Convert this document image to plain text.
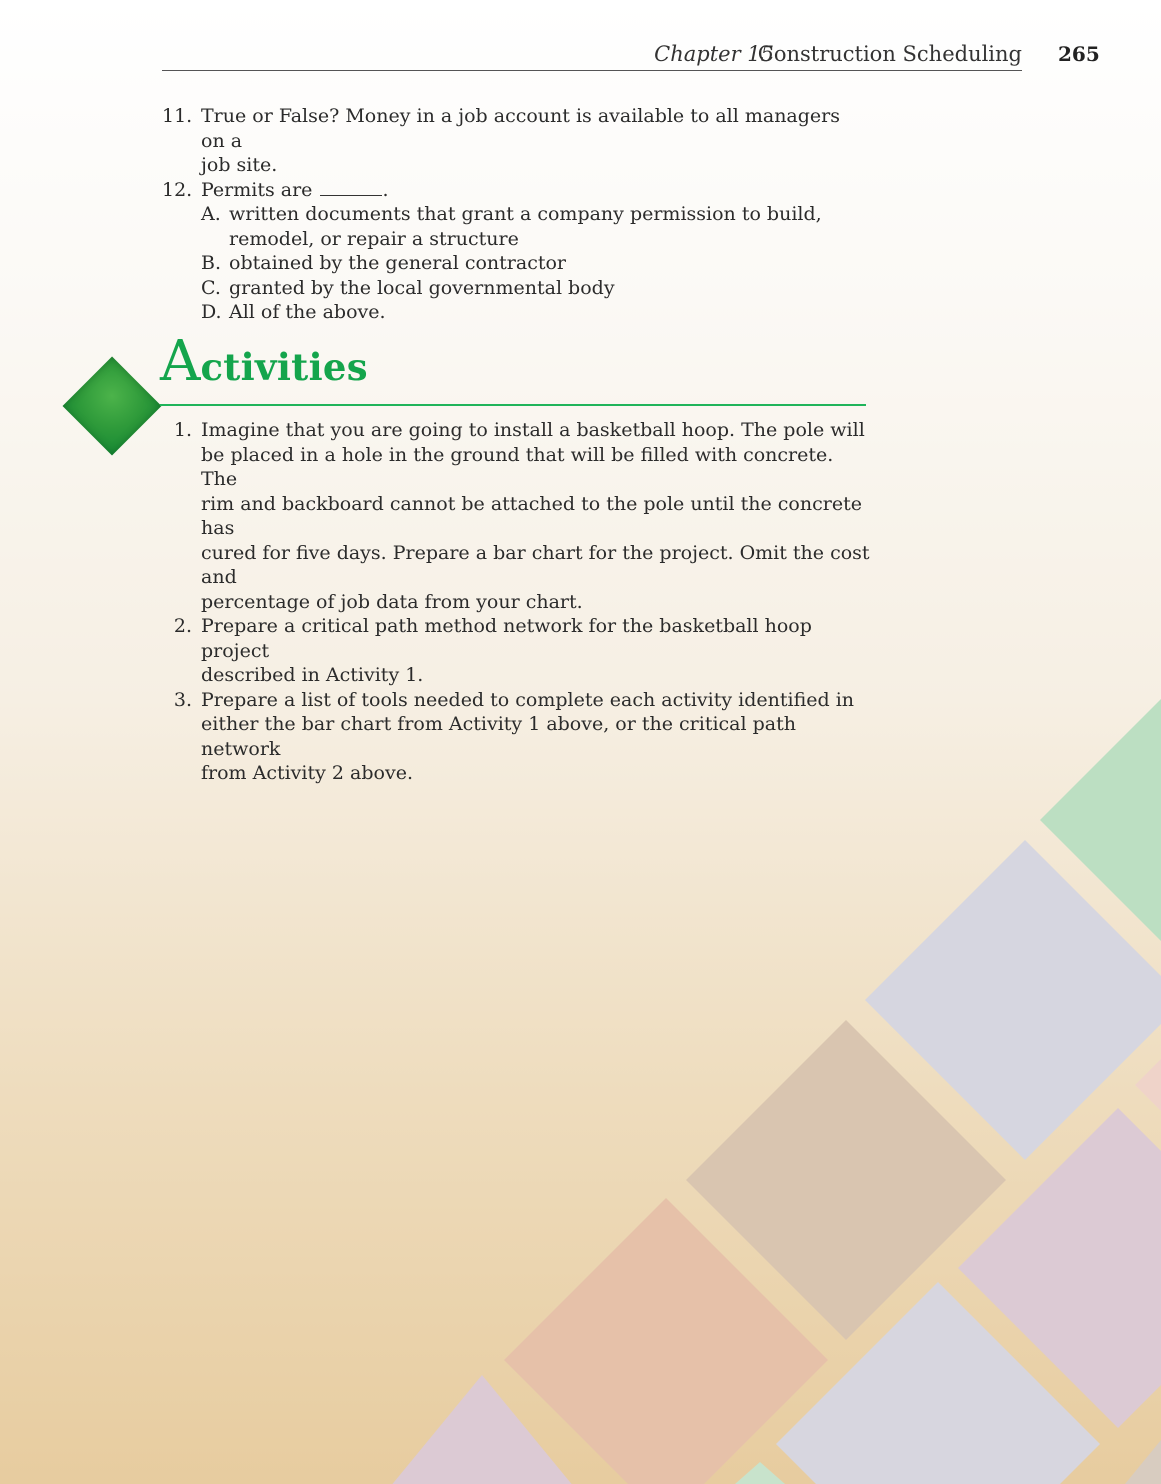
Chapter 15
Construction Scheduling 265
11. True or False? Money in a job account is available to all managers on a
job site.
12. Permits are	.
A. written documents that grant a company permission to build,
remodel, or repair a structure
B. obtained by the general contractor
C. granted by the local governmental body
D. All of the above.
Activities
1. Imagine that you are going to install a basketball hoop. The pole will
be placed in a hole in the ground that will be filled with concrete. The
rim and backboard cannot be attached to the pole until the concrete has
cured for five days. Prepare a bar chart for the project. Omit the cost and
percentage of job data from your chart.
2. Prepare a critical path method network for the basketball hoop project
described in Activity 1.
3. Prepare a list of tools needed to complete each activity identified in
either the bar chart from Activity 1 above, or the critical path network
from Activity 2 above.
